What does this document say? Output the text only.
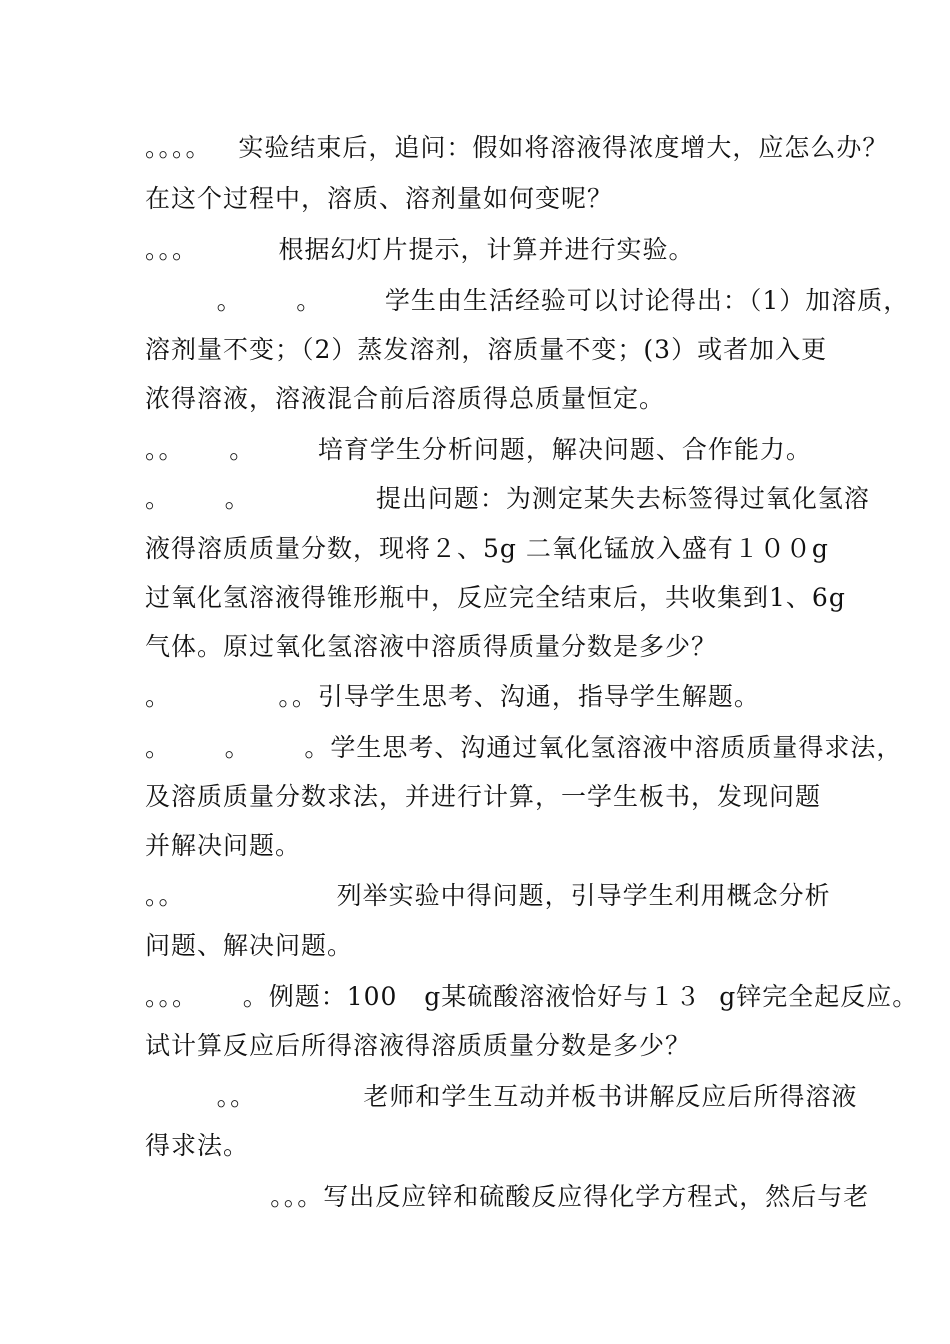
。。。。   实验结束后，追问：假如将溶液得浓度增大，应怎么办？
在这个过程中，溶质、溶剂量如何变呢？
。。。         根据幻灯片提示，计算并进行实验。
。      。       学生由生活经验可以讨论得出：（1）加溶质，
溶剂量不变；（2）蒸发溶剂，溶质量不变；(3）或者加入更
浓得溶液，溶液混合前后溶质得总质量恒定。
。。     。       培育学生分析问题，解决问题、合作能力。
。      。              提出问题：为测定某失去标签得过氧化氢溶
液得溶质质量分数，现将２、5g 二氧化锰放入盛有１００g
过氧化氢溶液得锥形瓶中，反应完全结束后，共收集到1、6g
气体。原过氧化氢溶液中溶质得质量分数是多少？
。            。。引导学生思考、沟通，指导学生解题。
。      。      。学生思考、沟通过氧化氢溶液中溶质质量得求法，
及溶质质量分数求法，并进行计算，一学生板书，发现问题
并解决问题。
。。                 列举实验中得问题，引导学生利用概念分析
问题、解决问题。
。。。     。例题：100   g某硫酸溶液恰好与１３  g锌完全起反应。
试计算反应后所得溶液得溶质质量分数是多少？
。。            老师和学生互动并板书讲解反应后所得溶液
得求法。
。。。写出反应锌和硫酸反应得化学方程式，然后与老
